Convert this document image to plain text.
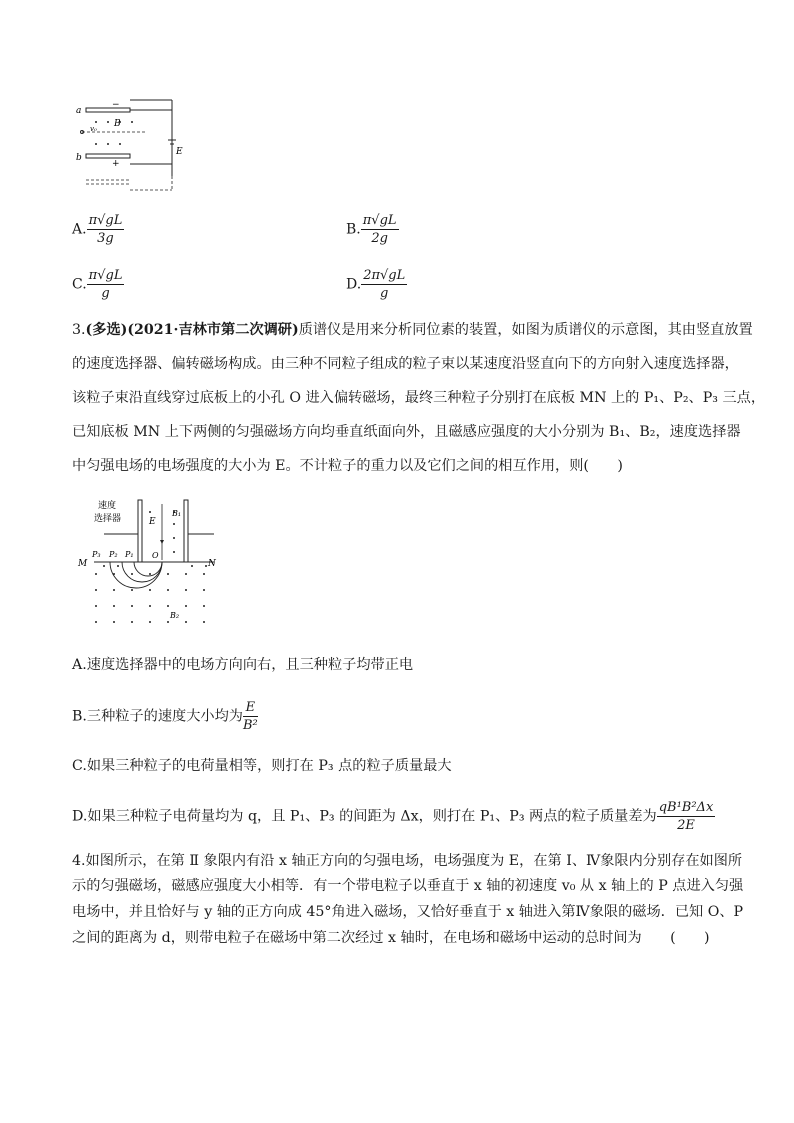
a
b
−
+
B
v₀
E
A. $\frac{\pi√gL}{3g}$	B. $\frac{\pi√gL}{2g}$
C. $\frac{\pi√gL}{g}$	D. $\frac{2\pi√gL}{g}$
3.(多选)(2021·吉林市第二次调研)质谱仪是用来分析同位素的装置，如图为质谱仪的示意图，其由竖直放置
的速度选择器、偏转磁场构成。由三种不同粒子组成的粒子束以某速度沿竖直向下的方向射入速度选择器，
该粒子束沿直线穿过底板上的小孔 O 进入偏转磁场，最终三种粒子分别打在底板 MN 上的 P₁、P₂、P₃ 三点，
已知底板 MN 上下两侧的匀强磁场方向均垂直纸面向外，且磁感应强度的大小分别为 B₁、B₂，速度选择器
中匀强电场的电场强度的大小为 E。不计粒子的重力以及它们之间的相互作用，则(　　)
速度
选择器	E
B₁
P₃ P₂ P₁ O
M	N
B₂
A.速度选择器中的电场方向向右，且三种粒子均带正电
B.三种粒子的速度大小均为 $\frac{E}{\text{B²}}$
C.如果三种粒子的电荷量相等，则打在 P₃ 点的粒子质量最大
D.如果三种粒子电荷量均为 q，且 P₁、P₃ 的间距为 Δx，则打在 P₁、P₃ 两点的粒子质量差为 $\frac{\text{qB¹B²Δx}}{2E}$
4.如图所示，在第 Ⅱ 象限内有沿 x 轴正方向的匀强电场，电场强度为 E，在第 Ⅰ、Ⅳ象限内分别存在如图所
示的匀强磁场，磁感应强度大小相等．有一个带电粒子以垂直于 x 轴的初速度 v₀ 从 x 轴上的 P 点进入匀强
电场中，并且恰好与 y 轴的正方向成 45°角进入磁场，又恰好垂直于 x 轴进入第Ⅳ象限的磁场．已知 O、P
之间的距离为 d，则带电粒子在磁场中第二次经过 x 轴时，在电场和磁场中运动的总时间为　　(　　)
